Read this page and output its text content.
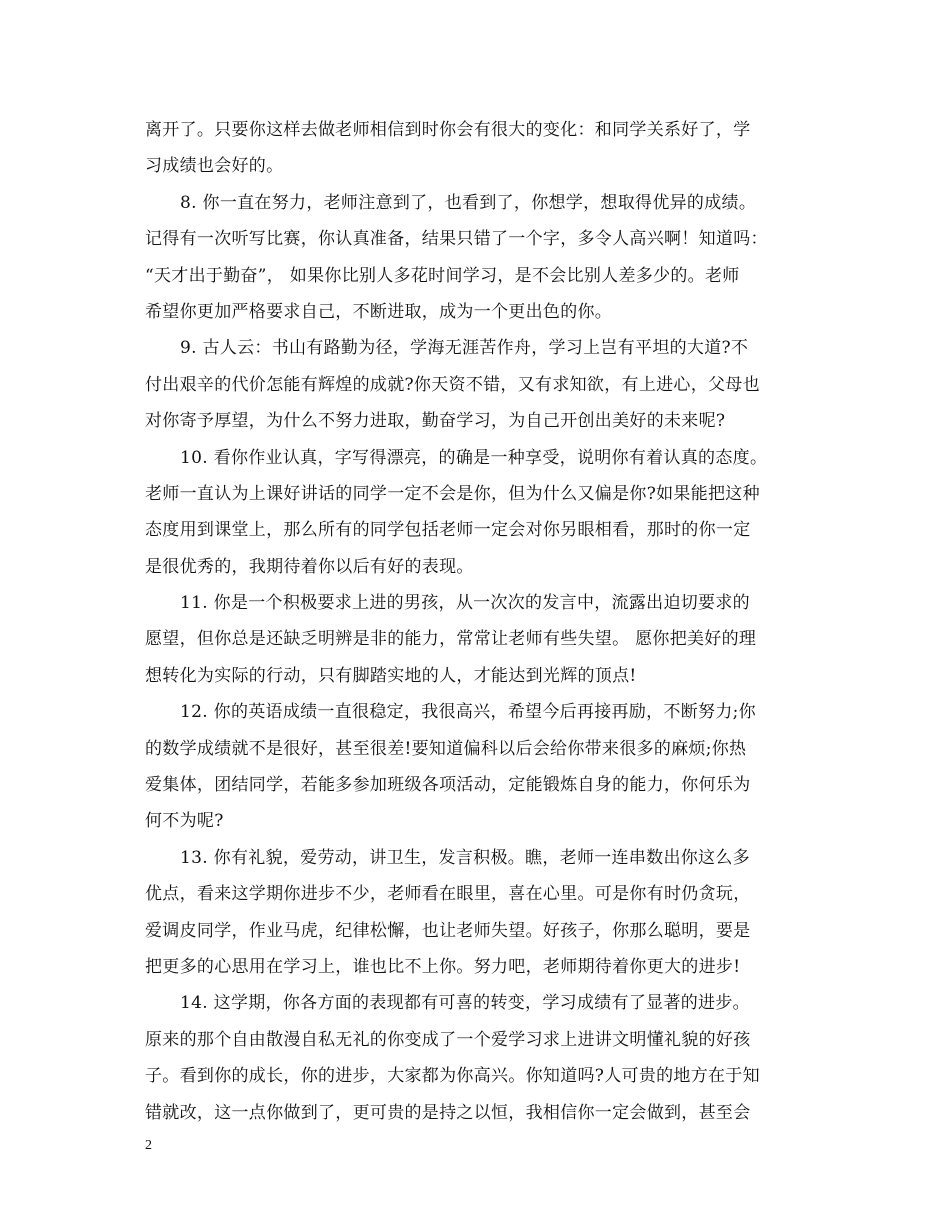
离开了。只要你这样去做老师相信到时你会有很大的变化：和同学关系好了，学
习成绩也会好的。
8. 你一直在努力，老师注意到了，也看到了，你想学，想取得优异的成绩。
记得有一次听写比赛，你认真准备，结果只错了一个字，多令人高兴啊！知道吗：
“天才出于勤奋”， 如果你比别人多花时间学习，是不会比别人差多少的。老师
希望你更加严格要求自己，不断进取，成为一个更出色的你。
9. 古人云：书山有路勤为径，学海无涯苦作舟，学习上岂有平坦的大道?不
付出艰辛的代价怎能有辉煌的成就?你天资不错，又有求知欲，有上进心，父母也
对你寄予厚望，为什么不努力进取，勤奋学习，为自己开创出美好的未来呢?
10. 看你作业认真，字写得漂亮，的确是一种享受，说明你有着认真的态度。
老师一直认为上课好讲话的同学一定不会是你，但为什么又偏是你?如果能把这种
态度用到课堂上，那么所有的同学包括老师一定会对你另眼相看，那时的你一定
是很优秀的，我期待着你以后有好的表现。
11. 你是一个积极要求上进的男孩，从一次次的发言中，流露出迫切要求的
愿望，但你总是还缺乏明辨是非的能力，常常让老师有些失望。 愿你把美好的理
想转化为实际的行动，只有脚踏实地的人，才能达到光辉的顶点!
12. 你的英语成绩一直很稳定，我很高兴，希望今后再接再励，不断努力;你
的数学成绩就不是很好，甚至很差!要知道偏科以后会给你带来很多的麻烦;你热
爱集体，团结同学，若能多参加班级各项活动，定能锻炼自身的能力，你何乐为
何不为呢?
13. 你有礼貌，爱劳动，讲卫生，发言积极。瞧，老师一连串数出你这么多
优点，看来这学期你进步不少，老师看在眼里，喜在心里。可是你有时仍贪玩，
爱调皮同学，作业马虎，纪律松懈，也让老师失望。好孩子，你那么聪明，要是
把更多的心思用在学习上，谁也比不上你。努力吧，老师期待着你更大的进步!
14. 这学期，你各方面的表现都有可喜的转变，学习成绩有了显著的进步。
原来的那个自由散漫自私无礼的你变成了一个爱学习求上进讲文明懂礼貌的好孩
子。看到你的成长，你的进步，大家都为你高兴。你知道吗?人可贵的地方在于知
错就改，这一点你做到了，更可贵的是持之以恒，我相信你一定会做到，甚至会
2
